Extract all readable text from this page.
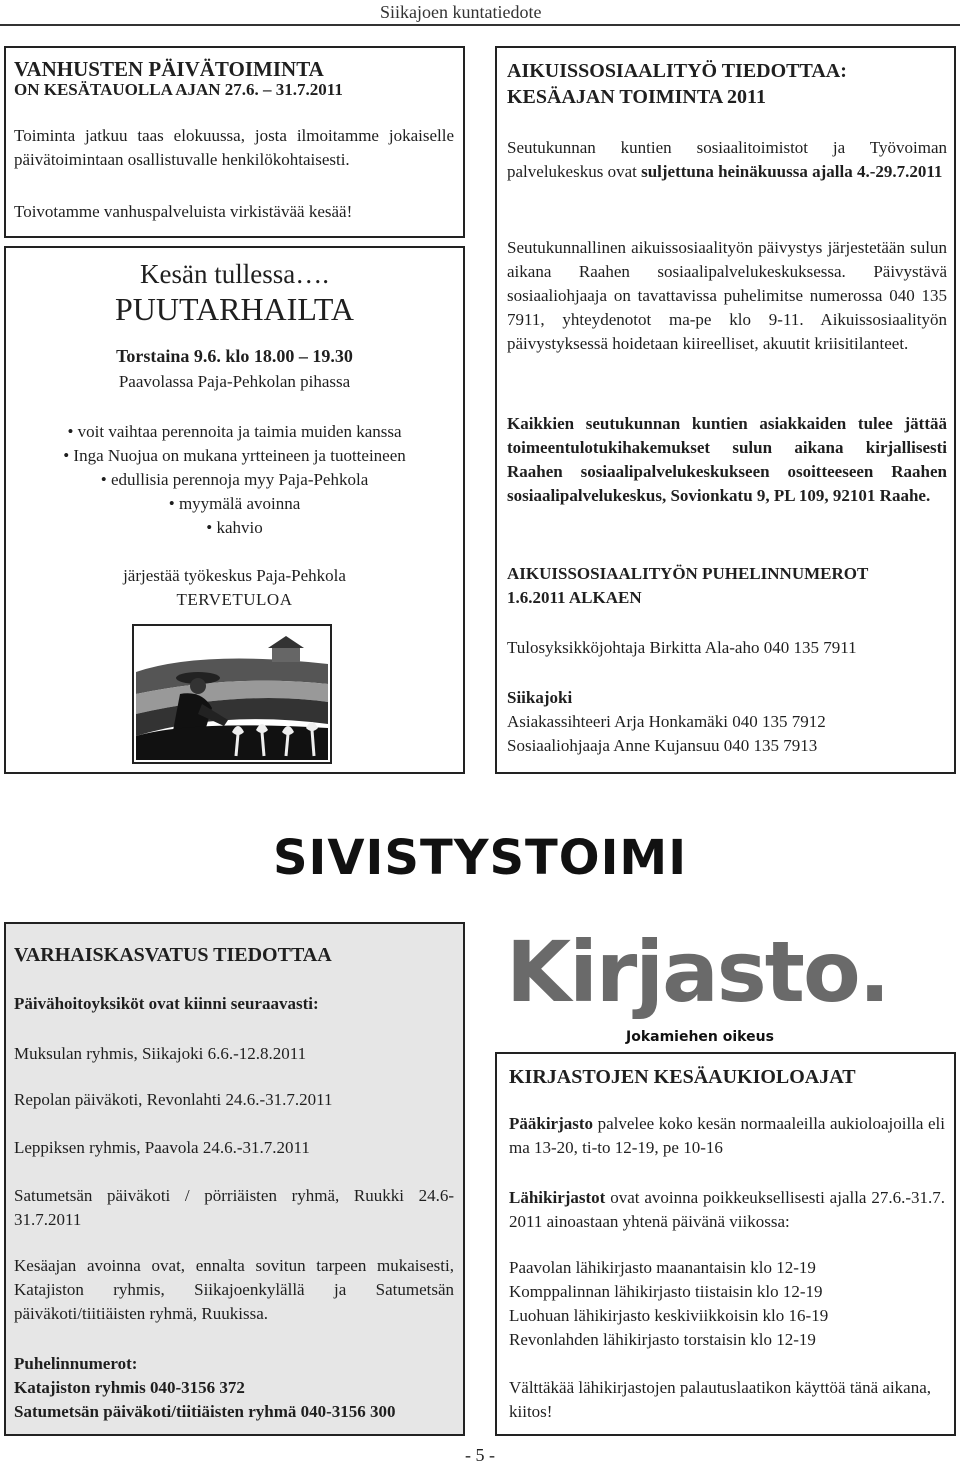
Siikajoen kuntatiedote
VANHUSTEN PÄIVÄTOIMINTA
ON KESÄTAUOLLA AJAN 27.6. – 31.7.2011

Toiminta jatkuu taas elokuussa, josta ilmoitamme jokaiselle päivätoimintaan osallistuvalle henkilökohtaisesti.

Toivotamme vanhuspalveluista virkistävää kesää!

Kesän tullessa….
PUUTARHAILTA
Torstaina 9.6. klo 18.00 – 19.30
Paavolassa Paja-Pehkolan pihassa
• voit vaihtaa perennoita ja taimia muiden kanssa
• Inga Nuojua on mukana yrtteineen ja tuotteineen
• edullisia perennoja myy Paja-Pehkola
• myymälä avoinna
• kahvio
järjestää työkeskus Paja-Pehkola
TERVETULOA
AIKUISSOSIAALITYÖ TIEDOTTAA:
KESÄAJAN TOIMINTA 2011

Seutukunnan kuntien sosiaalitoimistot ja Työvoiman palvelukeskus ovat suljettuna heinäkuussa ajalla 4.-29.7.2011

Seutukunnallinen aikuissosiaalityön päivystys järjestetään sulun aikana Raahen sosiaalipalvelukeskuksessa. Päivystävä sosiaaliohjaaja on tavattavissa puhelimitse numerossa 040 135 7911, yhteydenotot ma-pe klo 9-11. Aikuissosiaalityön päivystyksessä hoidetaan kiireelliset, akuutit kriisitilanteet.

Kaikkien seutukunnan kuntien asiakkaiden tulee jättää toimeentulotukihakemukset sulun aikana kirjallisesti Raahen sosiaalipalvelukeskukseen osoitteeseen Raahen sosiaalipalvelukeskus, Sovionkatu 9, PL 109, 92101 Raahe.

AIKUISSOSIAALITYÖN PUHELINNUMEROT
1.6.2011 ALKAEN

Tulosyksikköjohtaja Birkitta Ala-aho 040 135 7911

Siikajoki

Asiakassihteeri Arja Honkamäki 040 135 7912

Sosiaaliohjaaja Anne Kujansuu 040 135 7913

SIVISTYSTOIMI
VARHAISKASVATUS TIEDOTTAA

Päivähoitoyksiköt ovat kiinni seuraavasti:

Muksulan ryhmis, Siikajoki 6.6.-12.8.2011

Repolan päiväkoti, Revonlahti 24.6.-31.7.2011

Leppiksen ryhmis, Paavola 24.6.-31.7.2011

Satumetsän päiväkoti / pörriäisten ryhmä, Ruukki 24.6-31.7.2011

Kesäajan avoinna ovat, ennalta sovitun tarpeen mukaisesti, Katajiston ryhmis, Siikajoenkylällä ja Satumetsän päiväkoti/tiitiäisten ryhmä, Ruukissa.

Puhelinnumerot:

Katajiston ryhmis 040-3156 372

Satumetsän päiväkoti/tiitiäisten ryhmä 040-3156 300

Kirjasto.
Jokamiehen oikeus
KIRJASTOJEN KESÄAUKIOLOAJAT

Pääkirjasto palvelee koko kesän normaaleilla aukioloajoilla eli ma 13-20, ti-to 12-19, pe 10-16

Lähikirjastot ovat avoinna poikkeuksellisesti ajalla 27.6.-31.7. 2011 ainoastaan yhtenä päivänä viikossa:

Paavolan lähikirjasto maanantaisin klo 12-19

Komppalinnan lähikirjasto tiistaisin klo 12-19

Luohuan lähikirjasto keskiviikkoisin klo 16-19

Revonlahden lähikirjasto torstaisin klo 12-19

Välttäkää lähikirjastojen palautuslaatikon käyttöä tänä aikana, kiitos!

- 5 -
